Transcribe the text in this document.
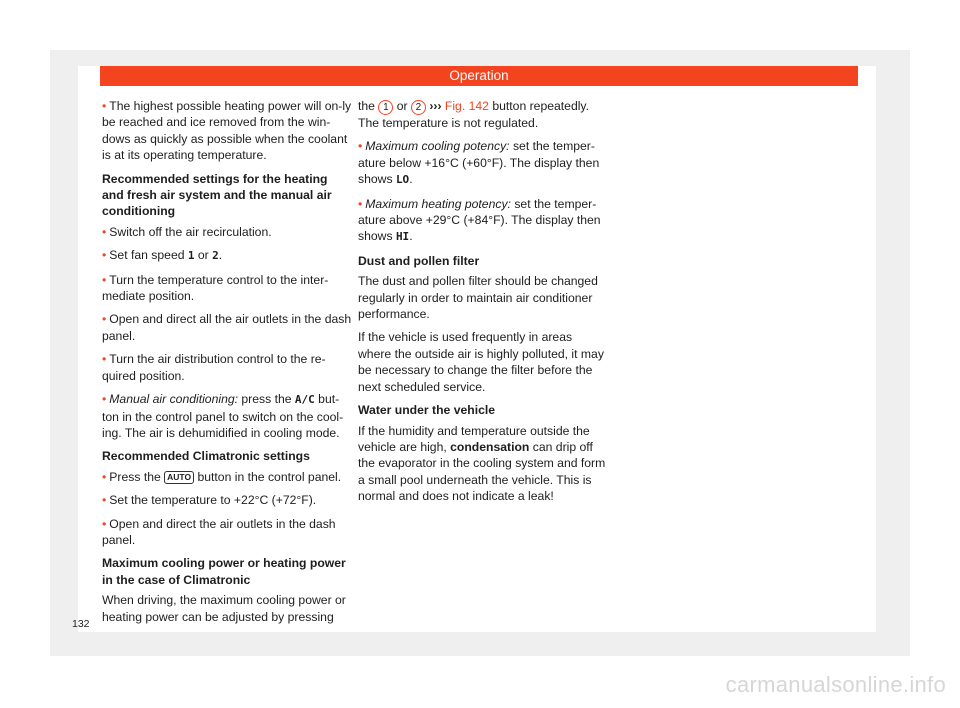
Operation

• The highest possible heating power will on-ly be reached and ice removed from the win-dows as quickly as possible when the coolant is at its operating temperature.

Recommended settings for the heating and fresh air system and the manual air conditioning

• Switch off the air recirculation.

• Set fan speed 1 or 2.

• Turn the temperature control to the inter-mediate position.

• Open and direct all the air outlets in the dash panel.

• Turn the air distribution control to the re-quired position.

• Manual air conditioning: press the A/C but-ton in the control panel to switch on the cool-ing. The air is dehumidified in cooling mode.

Recommended Climatronic settings

• Press the AUTO button in the control panel.

• Set the temperature to +22°C (+72°F).

• Open and direct the air outlets in the dash panel.

Maximum cooling power or heating power in the case of Climatronic

When driving, the maximum cooling power or heating power can be adjusted by pressing

the 1 or 2 ››› Fig. 142 button repeatedly. The temperature is not regulated.

• Maximum cooling potency: set the temper-ature below +16°C (+60°F). The display then shows LO.

• Maximum heating potency: set the temper-ature above +29°C (+84°F). The display then shows HI.

Dust and pollen filter

The dust and pollen filter should be changed regularly in order to maintain air conditioner performance.

If the vehicle is used frequently in areas where the outside air is highly polluted, it may be necessary to change the filter before the next scheduled service.

Water under the vehicle

If the humidity and temperature outside the vehicle are high, condensation can drip off the evaporator in the cooling system and form a small pool underneath the vehicle. This is normal and does not indicate a leak!

132
carmanualsonline.info
